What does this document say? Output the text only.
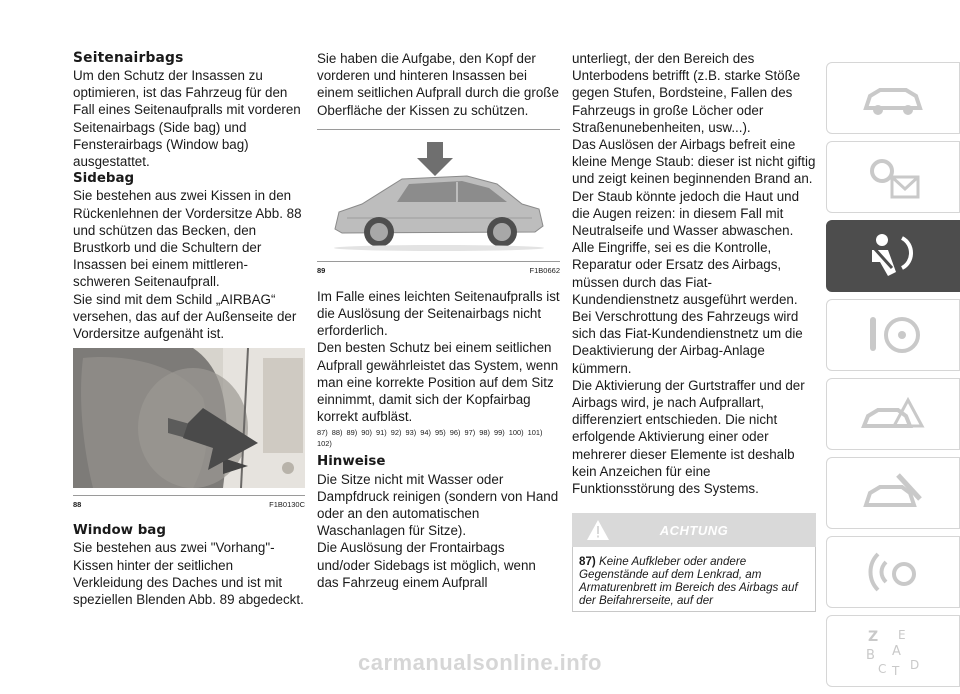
Seitenairbags

Um den Schutz der Insassen zu optimieren, ist das Fahrzeug für den Fall eines Seitenaufpralls mit vorderen Seitenairbags (Side bag) und Fensterairbags (Window bag) ausgestattet.

Sidebag

Sie bestehen aus zwei Kissen in den Rückenlehnen der Vordersitze Abb. 88 und schützen das Becken, den Brustkorb und die Schultern der Insassen bei einem mittleren-schweren Seitenaufprall.

Sie sind mit dem Schild „AIRBAG“ versehen, das auf der Außenseite der Vordersitze aufgenäht ist.

88	F1B0130C
Window bag

Sie bestehen aus zwei "Vorhang"-Kissen hinter der seitlichen Verkleidung des Daches und ist mit speziellen Blenden Abb. 89 abgedeckt.

Sie haben die Aufgabe, den Kopf der vorderen und hinteren Insassen bei einem seitlichen Aufprall durch die große Oberfläche der Kissen zu schützen.

89	F1B0662

Im Falle eines leichten Seitenaufpralls ist die Auslösung der Seitenairbags nicht erforderlich.

Den besten Schutz bei einem seitlichen Aufprall gewährleistet das System, wenn man eine korrekte Position auf dem Sitz einnimmt, damit sich der Kopfairbag korrekt aufbläst.

87) 88) 89) 90) 91) 92) 93) 94) 95) 96) 97) 98) 99) 100) 101) 102)
Hinweise

Die Sitze nicht mit Wasser oder Dampfdruck reinigen (sondern von Hand oder an den automatischen Waschanlagen für Sitze).

Die Auslösung der Frontairbags und/oder Sidebags ist möglich, wenn das Fahrzeug einem Aufprall

unterliegt, der den Bereich des Unterbodens betrifft (z.B. starke Stöße gegen Stufen, Bordsteine, Fallen des Fahrzeugs in große Löcher oder Straßenunebenheiten, usw...).

Das Auslösen der Airbags befreit eine kleine Menge Staub: dieser ist nicht giftig und zeigt keinen beginnenden Brand an. Der Staub könnte jedoch die Haut und die Augen reizen: in diesem Fall mit Neutralseife und Wasser abwaschen.

Alle Eingriffe, sei es die Kontrolle, Reparatur oder Ersatz des Airbags, müssen durch das Fiat-Kundendienstnetz ausgeführt werden.

Bei Verschrottung des Fahrzeugs wird sich das Fiat-Kundendienstnetz um die Deaktivierung der Airbag-Anlage kümmern.

Die Aktivierung der Gurtstraffer und der Airbags wird, je nach Aufprallart, differenziert entschieden. Die nicht erfolgende Aktivierung einer oder mehrerer dieser Elemente ist deshalb kein Anzeichen für eine Funktionsstörung des Systems.

ACHTUNG
87) Keine Aufkleber oder andere Gegenstände auf dem Lenkrad, am Armaturenbrett im Bereich des Airbags auf der Beifahrerseite, auf der
Z E
B A
C T D
carmanualsonline.info
